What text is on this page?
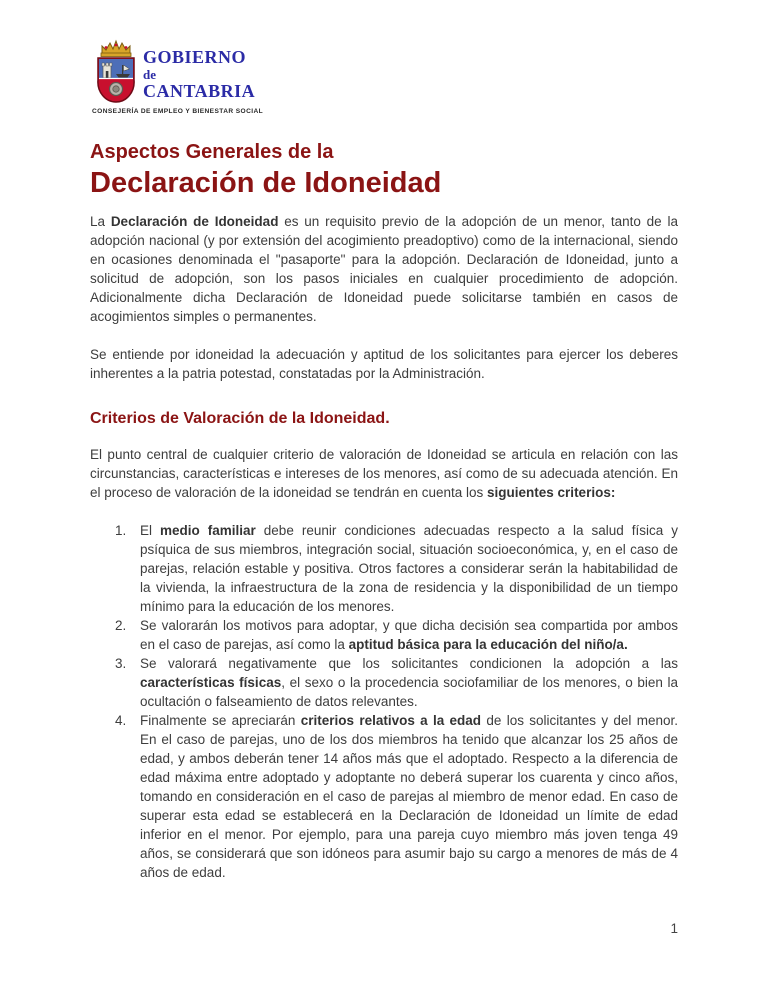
GOBIERNO
de
CANTABRIA
CONSEJERÍA DE EMPLEO Y BIENESTAR SOCIAL
Aspectos Generales de la
Declaración de Idoneidad

La Declaración de Idoneidad es un requisito previo de la adopción de un menor, tanto de la adopción nacional (y por extensión del acogimiento preadoptivo) como de la internacional, siendo en ocasiones denominada el "pasaporte" para la adopción. Declaración de Idoneidad, junto a solicitud de adopción, son los pasos iniciales en cualquier procedimiento de adopción. Adicionalmente dicha Declaración de Idoneidad puede solicitarse también en casos de acogimientos simples o permanentes.

Se entiende por idoneidad la adecuación y aptitud de los solicitantes para ejercer los deberes inherentes a la patria potestad, constatadas por la Administración.

Criterios de Valoración de la Idoneidad.

El punto central de cualquier criterio de valoración de Idoneidad se articula en relación con las circunstancias, características e intereses de los menores, así como de su adecuada atención. En el proceso de valoración de la idoneidad se tendrán en cuenta los siguientes criterios:

1.	El medio familiar debe reunir condiciones adecuadas respecto a la salud física y psíquica de sus miembros, integración social, situación socioeconómica, y, en el caso de parejas, relación estable y positiva. Otros factores a considerar serán la habitabilidad de la vivienda, la infraestructura de la zona de residencia y la disponibilidad de un tiempo mínimo para la educación de los menores.
2.	Se valorarán los motivos para adoptar, y que dicha decisión sea compartida por ambos en el caso de parejas, así como la aptitud básica para la educación del niño/a.
3.	Se valorará negativamente que los solicitantes condicionen la adopción a las características físicas, el sexo o la procedencia sociofamiliar de los menores, o bien la ocultación o falseamiento de datos relevantes.
4.	Finalmente se apreciarán criterios relativos a la edad de los solicitantes y del menor. En el caso de parejas, uno de los dos miembros ha tenido que alcanzar los 25 años de edad, y ambos deberán tener 14 años más que el adoptado. Respecto a la diferencia de edad máxima entre adoptado y adoptante no deberá superar los cuarenta y cinco años, tomando en consideración en el caso de parejas al miembro de menor edad. En caso de superar esta edad se establecerá en la Declaración de Idoneidad un límite de edad inferior en el menor. Por ejemplo, para una pareja cuyo miembro más joven tenga 49 años, se considerará que son idóneos para asumir bajo su cargo a menores de más de 4 años de edad.
1
